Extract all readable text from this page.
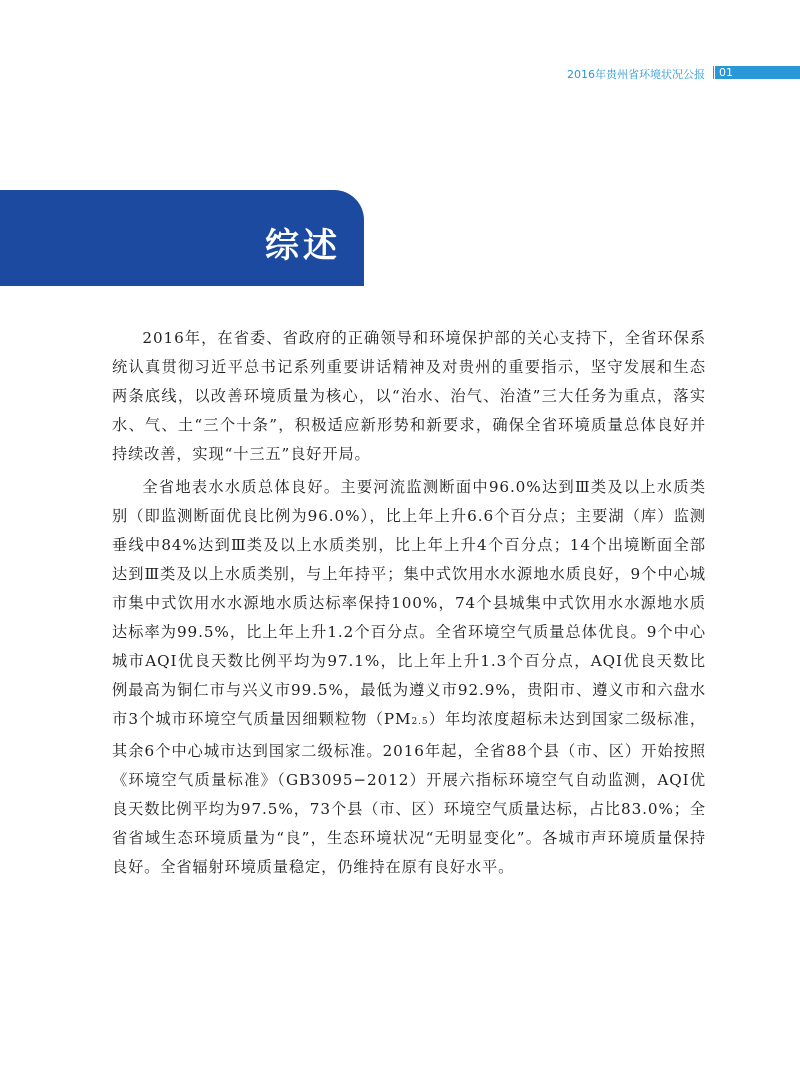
2016年贵州省环境状况公报 01
综述

2016年，在省委、省政府的正确领导和环境保护部的关心支持下，全省环保系统认真贯彻习近平总书记系列重要讲话精神及对贵州的重要指示，坚守发展和生态两条底线，以改善环境质量为核心，以“治水、治气、治渣”三大任务为重点，落实水、气、土“三个十条”，积极适应新形势和新要求，确保全省环境质量总体良好并持续改善，实现“十三五”良好开局。

全省地表水水质总体良好。主要河流监测断面中96.0%达到Ⅲ类及以上水质类别（即监测断面优良比例为96.0%），比上年上升6.6个百分点；主要湖（库）监测垂线中84%达到Ⅲ类及以上水质类别，比上年上升4个百分点；14个出境断面全部达到Ⅲ类及以上水质类别，与上年持平；集中式饮用水水源地水质良好，9个中心城市集中式饮用水水源地水质达标率保持100%，74个县城集中式饮用水水源地水质达标率为99.5%，比上年上升1.2个百分点。全省环境空气质量总体优良。9个中心城市AQI优良天数比例平均为97.1%，比上年上升1.3个百分点，AQI优良天数比例最高为铜仁市与兴义市99.5%，最低为遵义市92.9%，贵阳市、遵义市和六盘水市3个城市环境空气质量因细颗粒物（PM2.5）年均浓度超标未达到国家二级标准，其余6个中心城市达到国家二级标准。2016年起，全省88个县（市、区）开始按照《环境空气质量标准》（GB3095−2012）开展六指标环境空气自动监测，AQI优良天数比例平均为97.5%，73个县（市、区）环境空气质量达标，占比83.0%；全省省域生态环境质量为“良”，生态环境状况“无明显变化”。各城市声环境质量保持良好。全省辐射环境质量稳定，仍维持在原有良好水平。
